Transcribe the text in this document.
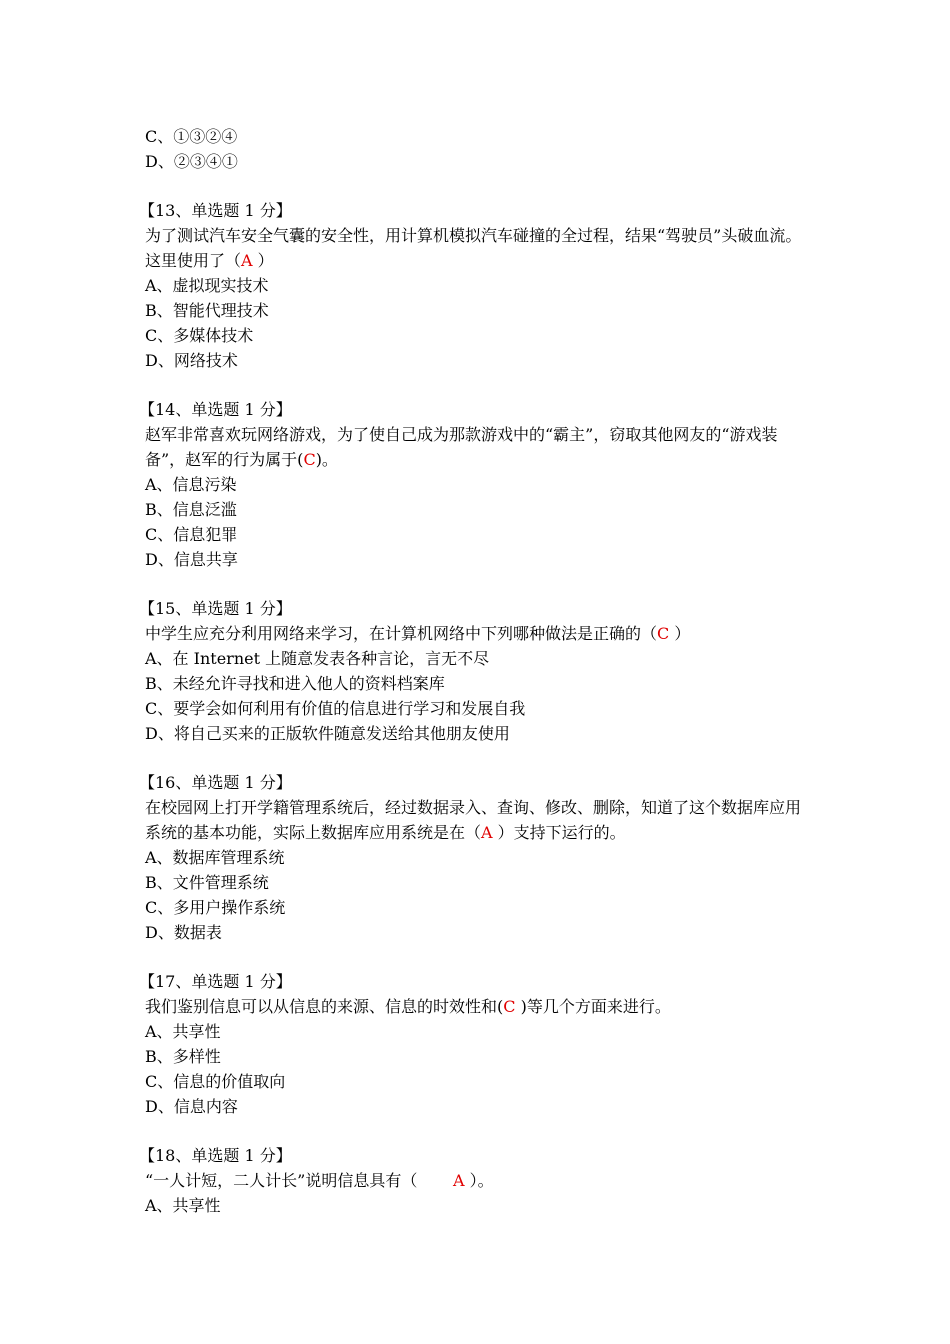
C、①③②④
D、②③④①
【13、单选题 1 分】
为了测试汽车安全气囊的安全性，用计算机模拟汽车碰撞的全过程，结果“驾驶员”头破血流。这里使用了（A ）
A、虚拟现实技术
B、智能代理技术
C、多媒体技术
D、网络技术
【14、单选题 1 分】
赵军非常喜欢玩网络游戏，为了使自己成为那款游戏中的“霸主”，窃取其他网友的“游戏装备”，赵军的行为属于(C)。
A、信息污染
B、信息泛滥
C、信息犯罪
D、信息共享
【15、单选题 1 分】
中学生应充分利用网络来学习，在计算机网络中下列哪种做法是正确的（C ）
A、在 Internet 上随意发表各种言论，言无不尽
B、未经允许寻找和进入他人的资料档案库
C、要学会如何利用有价值的信息进行学习和发展自我
D、将自己买来的正版软件随意发送给其他朋友使用
【16、单选题 1 分】
在校园网上打开学籍管理系统后，经过数据录入、查询、修改、删除，知道了这个数据库应用系统的基本功能，实际上数据库应用系统是在（A ）支持下运行的。
A、数据库管理系统
B、文件管理系统
C、多用户操作系统
D、数据表
【17、单选题 1 分】
我们鉴别信息可以从信息的来源、信息的时效性和(C )等几个方面来进行。
A、共享性
B、多样性
C、信息的价值取向
D、信息内容
【18、单选题 1 分】
“一人计短，二人计长”说明信息具有（       A ）。
A、共享性
